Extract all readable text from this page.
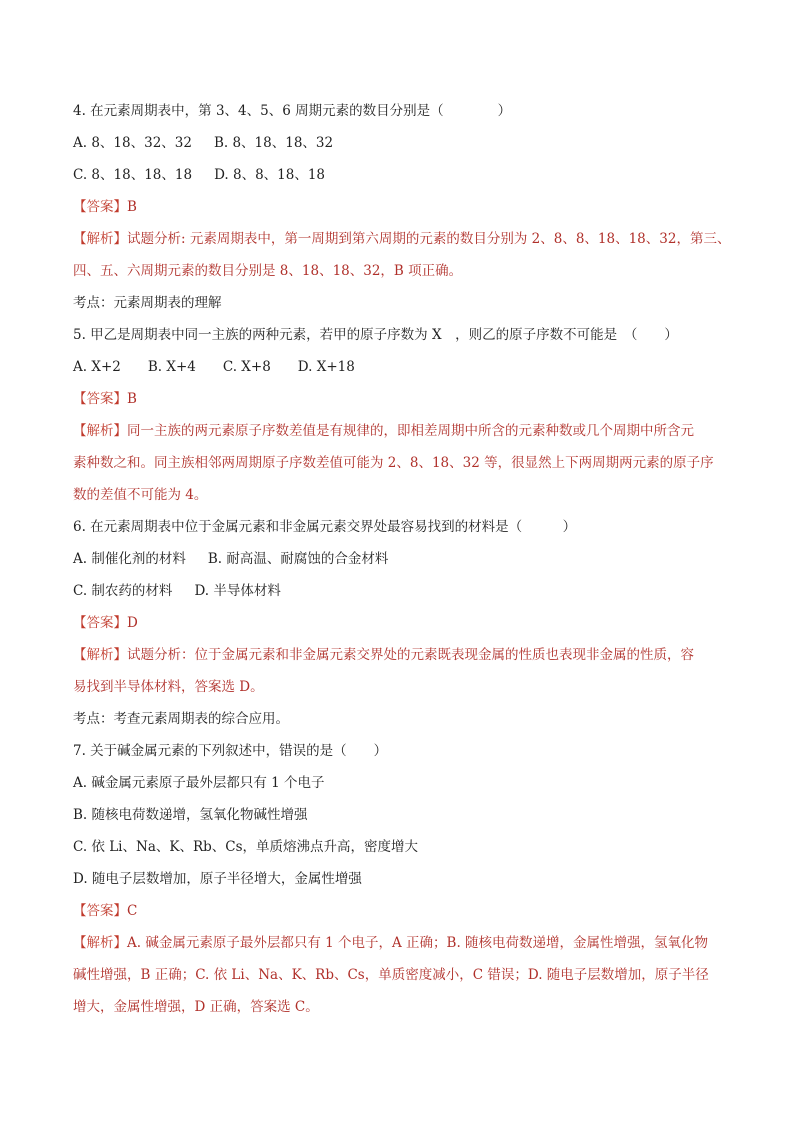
4. 在元素周期表中，第 3、4、5、6 周期元素的数目分别是（　　　　）
A. 8、18、32、32 B. 8、18、18、32
C. 8、18、18、18 D. 8、8、18、18
【答案】B
【解析】试题分析: 元素周期表中，第一周期到第六周期的元素的数目分别为 2、8、8、18、18、32，第三、
四、五、六周期元素的数目分别是 8、18、18、32，B 项正确。
考点：元素周期表的理解
5. 甲乙是周期表中同一主族的两种元素，若甲的原子序数为 X　，则乙的原子序数不可能是　（　　）
A. X+2　　B. X+4　　C. X+8　　D. X+18
【答案】B
【解析】同一主族的两元素原子序数差值是有规律的，即相差周期中所含的元素种数或几个周期中所含元
素种数之和。同主族相邻两周期原子序数差值可能为 2、8、18、32 等，很显然上下两周期两元素的原子序
数的差值不可能为 4。
6. 在元素周期表中位于金属元素和非金属元素交界处最容易找到的材料是（　　　）
A. 制催化剂的材料 B. 耐高温、耐腐蚀的合金材料
C. 制农药的材料 D. 半导体材料
【答案】D
【解析】试题分析：位于金属元素和非金属元素交界处的元素既表现金属的性质也表现非金属的性质，容
易找到半导体材料，答案选 D。
考点：考查元素周期表的综合应用。
7. 关于碱金属元素的下列叙述中，错误的是（　　）
A. 碱金属元素原子最外层都只有 1 个电子
B. 随核电荷数递增，氢氧化物碱性增强
C. 依 Li、Na、K、Rb、Cs，单质熔沸点升高，密度增大
D. 随电子层数增加，原子半径增大，金属性增强
【答案】C
【解析】A. 碱金属元素原子最外层都只有 1 个电子，A 正确；B. 随核电荷数递增，金属性增强，氢氧化物
碱性增强，B 正确；C. 依 Li、Na、K、Rb、Cs，单质密度减小，C 错误；D. 随电子层数增加，原子半径
增大，金属性增强，D 正确，答案选 C。
